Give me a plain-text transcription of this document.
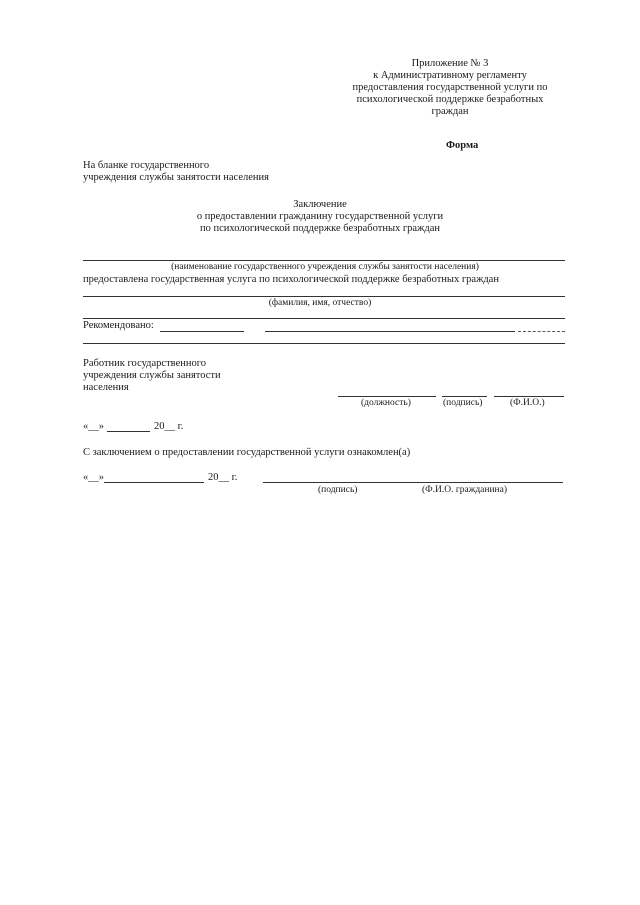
Приложение № 3
к Административному регламенту
предоставления государственной услуги по
психологической поддержке безработных
граждан
Форма
На бланке государственного
учреждения службы занятости населения
Заключение
о предоставлении гражданину государственной услуги
по психологической поддержке безработных граждан
(наименование государственного учреждения службы занятости населения)
предоставлена государственная услуга по психологической поддержке безработных граждан
(фамилия, имя, отчество)
Рекомендовано:
Работник государственного
учреждения службы занятости
населения
(должность)	(подпись)	(Ф.И.О.)
«__»	20__ г.
С заключением о предоставлении государственной услуги ознакомлен(а)
«__»	20__ г.
(подпись)	(Ф.И.О. гражданина)
